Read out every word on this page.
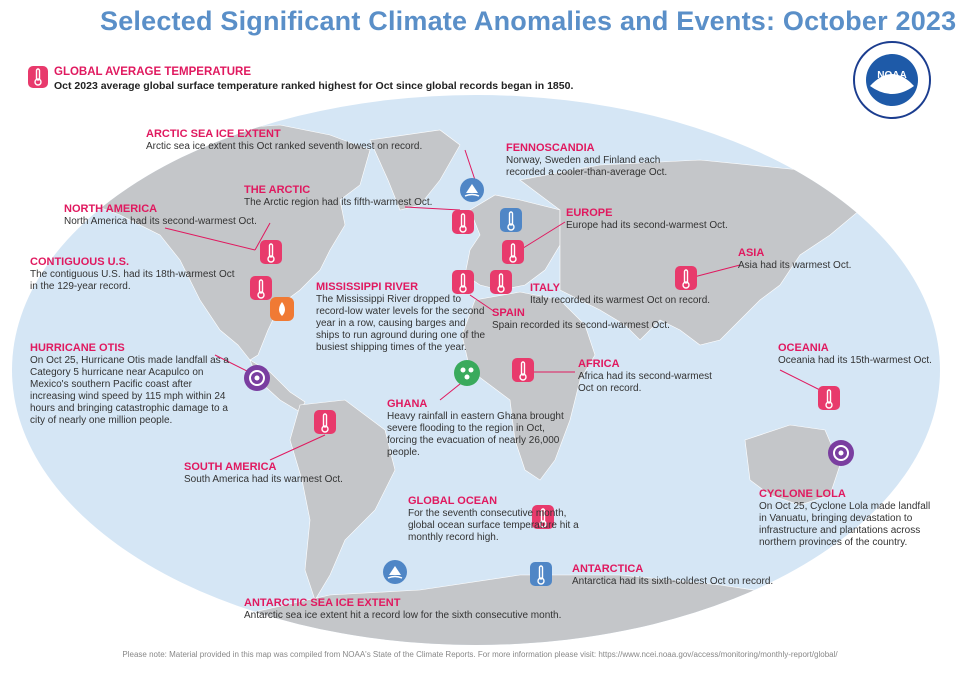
Selected Significant Climate Anomalies and Events: October 2023
NOAA
GLOBAL AVERAGE TEMPERATURE
Oct 2023 average global surface temperature ranked highest for Oct since global records began in 1850.
ARCTIC SEA ICE EXTENT
Arctic sea ice extent this Oct ranked seventh lowest on record.	FENNOSCANDIA
Norway, Sweden and Finland each recorded a cooler-than-average Oct.
THE ARCTIC
The Arctic region had its fifth-warmest Oct.
NORTH AMERICA
North America had its second-warmest Oct.
EUROPE
Europe had its second-warmest Oct.
CONTIGUOUS U.S.
The contiguous U.S. had its 18th-warmest Oct in the 129-year record.	MISSISSIPPI RIVER
The Mississippi River dropped to record-low water levels for the second year in a row, causing barges and ships to run aground during one of the busiest shipping times of the year.
ASIA
Asia had its warmest Oct.
ITALY
Italy recorded its warmest Oct on record.
SPAIN
Spain recorded its second-warmest Oct.
HURRICANE OTIS
On Oct 25, Hurricane Otis made landfall as a Category 5 hurricane near Acapulco on Mexico's southern Pacific coast after increasing wind speed by 115 mph within 24 hours and bringing catastrophic damage to a city of nearly one million people.
OCEANIA
Oceania had its 15th-warmest Oct.
AFRICA
Africa had its second-warmest Oct on record.
GHANA
Heavy rainfall in eastern Ghana brought severe flooding to the region in Oct, forcing the evacuation of nearly 26,000 people.
SOUTH AMERICA
South America had its warmest Oct.
CYCLONE LOLA
On Oct 25, Cyclone Lola made landfall in Vanuatu, bringing devastation to infrastructure and plantations across northern provinces of the country.
GLOBAL OCEAN
For the seventh consecutive month, global ocean surface temperature hit a monthly record high.
ANTARCTICA
Antarctica had its sixth-coldest Oct on record.
ANTARCTIC SEA ICE EXTENT
Antarctic sea ice extent hit a record low for the sixth consecutive month.
Please note: Material provided in this map was compiled from NOAA's State of the Climate Reports. For more information please visit: https://www.ncei.noaa.gov/access/monitoring/monthly-report/global/
